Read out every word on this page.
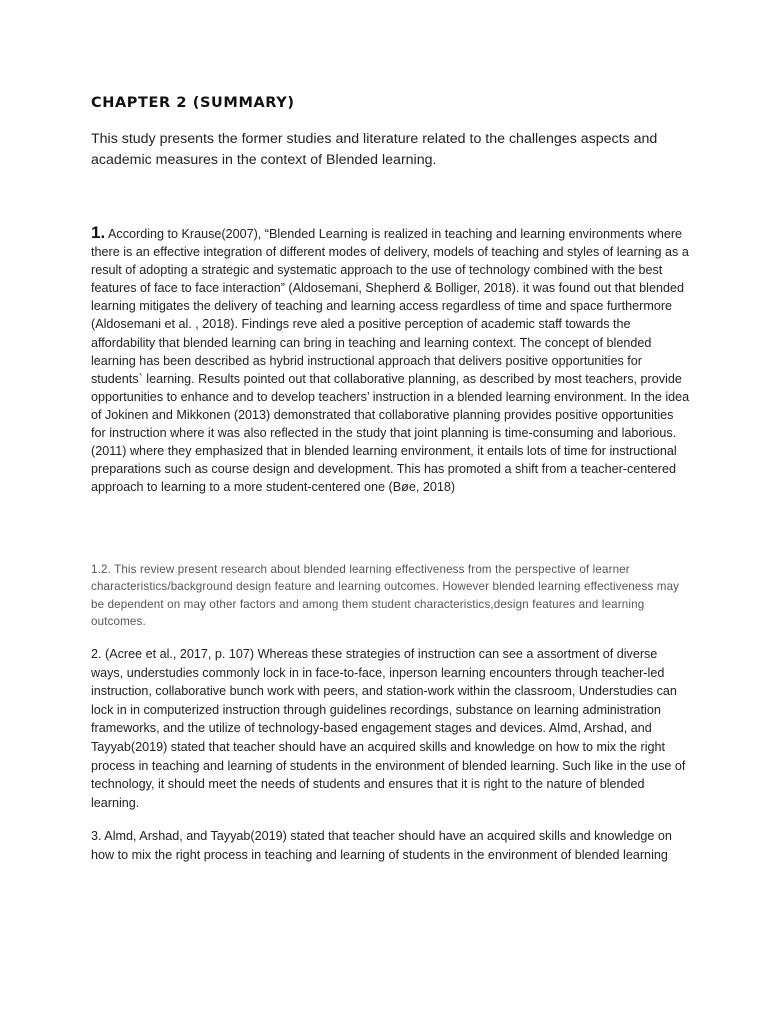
CHAPTER 2 (SUMMARY)

This study presents the former studies and literature related to the challenges aspects and academic measures in the context of Blended learning.

1. According to Krause(2007), “Blended Learning is realized in teaching and learning environments where there is an effective integration of different modes of delivery, models of teaching and styles of learning as a result of adopting a strategic and systematic approach to the use of technology combined with the best features of face to face interaction” (Aldosemani, Shepherd & Bolliger, 2018). it was found out that blended learning mitigates the delivery of teaching and learning access regardless of time and space furthermore (Aldosemani et al. , 2018). Findings reve aled a positive perception of academic staff towards the affordability that blended learning can bring in teaching and learning context. The concept of blended learning has been described as hybrid instructional approach that delivers positive opportunities for students` learning. Results pointed out that collaborative planning, as described by most teachers, provide opportunities to enhance and to develop teachers’ instruction in a blended learning environment. In the idea of Jokinen and Mikkonen (2013) demonstrated that collaborative planning provides positive opportunities for instruction where it was also reflected in the study that joint planning is time-consuming and laborious. (2011) where they emphasized that in blended learning environment, it entails lots of time for instructional preparations such as course design and development. This has promoted a shift from a teacher-centered approach to learning to a more student-centered one (Bøe, 2018)

1.2. This review present research about blended learning effectiveness from the perspective of learner characteristics/background design feature and learning outcomes. However blended learning effectiveness may be dependent on may other factors and among them student characteristics,design features and learning outcomes.

2. (Acree et al., 2017, p. 107) Whereas these strategies of instruction can see a assortment of diverse ways, understudies commonly lock in in face-to-face, inperson learning encounters through teacher-led instruction, collaborative bunch work with peers, and station-work within the classroom, Understudies can lock in in computerized instruction through guidelines recordings, substance on learning administration frameworks, and the utilize of technology-based engagement stages and devices. Almd, Arshad, and Tayyab(2019) stated that teacher should have an acquired skills and knowledge on how to mix the right process in teaching and learning of students in the environment of blended learning. Such like in the use of technology, it should meet the needs of students and ensures that it is right to the nature of blended learning.

3. Almd, Arshad, and Tayyab(2019) stated that teacher should have an acquired skills and knowledge on how to mix the right process in teaching and learning of students in the environment of blended learning
